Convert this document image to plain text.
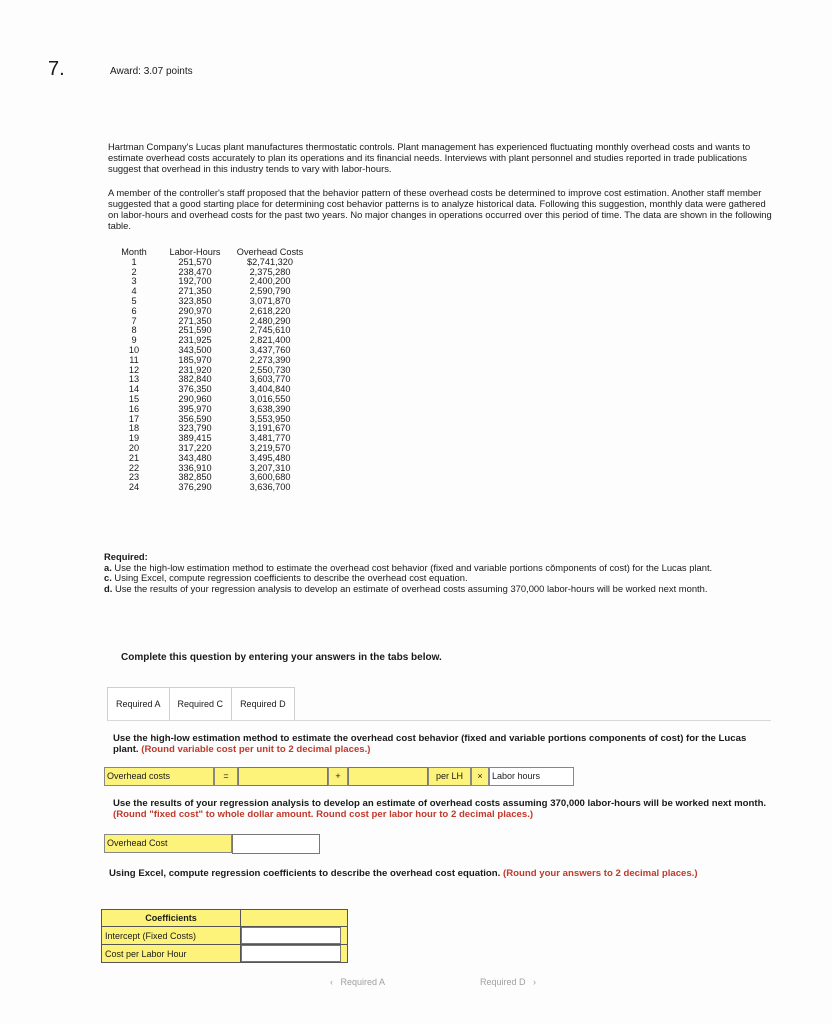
7.	Award: 3.07 points

Hartman Company's Lucas plant manufactures thermostatic controls. Plant management has experienced fluctuating monthly overhead costs and wants to estimate overhead costs accurately to plan its operations and its financial needs. Interviews with plant personnel and studies reported in trade publications suggest that overhead in this industry tends to vary with labor-hours.

A member of the controller's staff proposed that the behavior pattern of these overhead costs be determined to improve cost estimation. Another staff member suggested that a good starting place for determining cost behavior patterns is to analyze historical data. Following this suggestion, monthly data were gathered on labor-hours and overhead costs for the past two years. No major changes in operations occurred over this period of time. The data are shown in the following table.

Month	Labor-Hours	Overhead Costs
1	251,570	$2,741,320
2	238,470	2,375,280
3	192,700	2,400,200
4	271,350	2,590,790
5	323,850	3,071,870
6	290,970	2,618,220
7	271,350	2,480,290
8	251,590	2,745,610
9	231,925	2,821,400
10	343,500	3,437,760
11	185,970	2,273,390
12	231,920	2,550,730
13	382,840	3,603,770
14	376,350	3,404,840
15	290,960	3,016,550
16	395,970	3,638,390
17	356,590	3,553,950
18	323,790	3,191,670
19	389,415	3,481,770
20	317,220	3,219,570
21	343,480	3,495,480
22	336,910	3,207,310
23	382,850	3,600,680
24	376,290	3,636,700
Required:
a. Use the high-low estimation method to estimate the overhead cost behavior (fixed and variable portions cŏmponents of cost) for the Lucas plant.
c. Using Excel, compute regression coefficients to describe the overhead cost equation.
d. Use the results of your regression analysis to develop an estimate of overhead costs assuming 370,000 labor-hours will be worked next month.
Complete this question by entering your answers in the tabs below.
Required A	Required C	Required D
Use the high-low estimation method to estimate the overhead cost behavior (fixed and variable portions components of cost) for the Lucas plant. (Round variable cost per unit to 2 decimal places.)
Overhead costs	=	+	per LH	×	Labor hours
Use the results of your regression analysis to develop an estimate of overhead costs assuming 370,000 labor-hours will be worked next month. (Round "fixed cost" to whole dollar amount. Round cost per labor hour to 2 decimal places.)
Overhead Cost
Using Excel, compute regression coefficients to describe the overhead cost equation. (Round your answers to 2 decimal places.)
Coefficients	
Intercept (Fixed Costs)	
Cost per Labor Hour	
‹ Required A	Required D ›
